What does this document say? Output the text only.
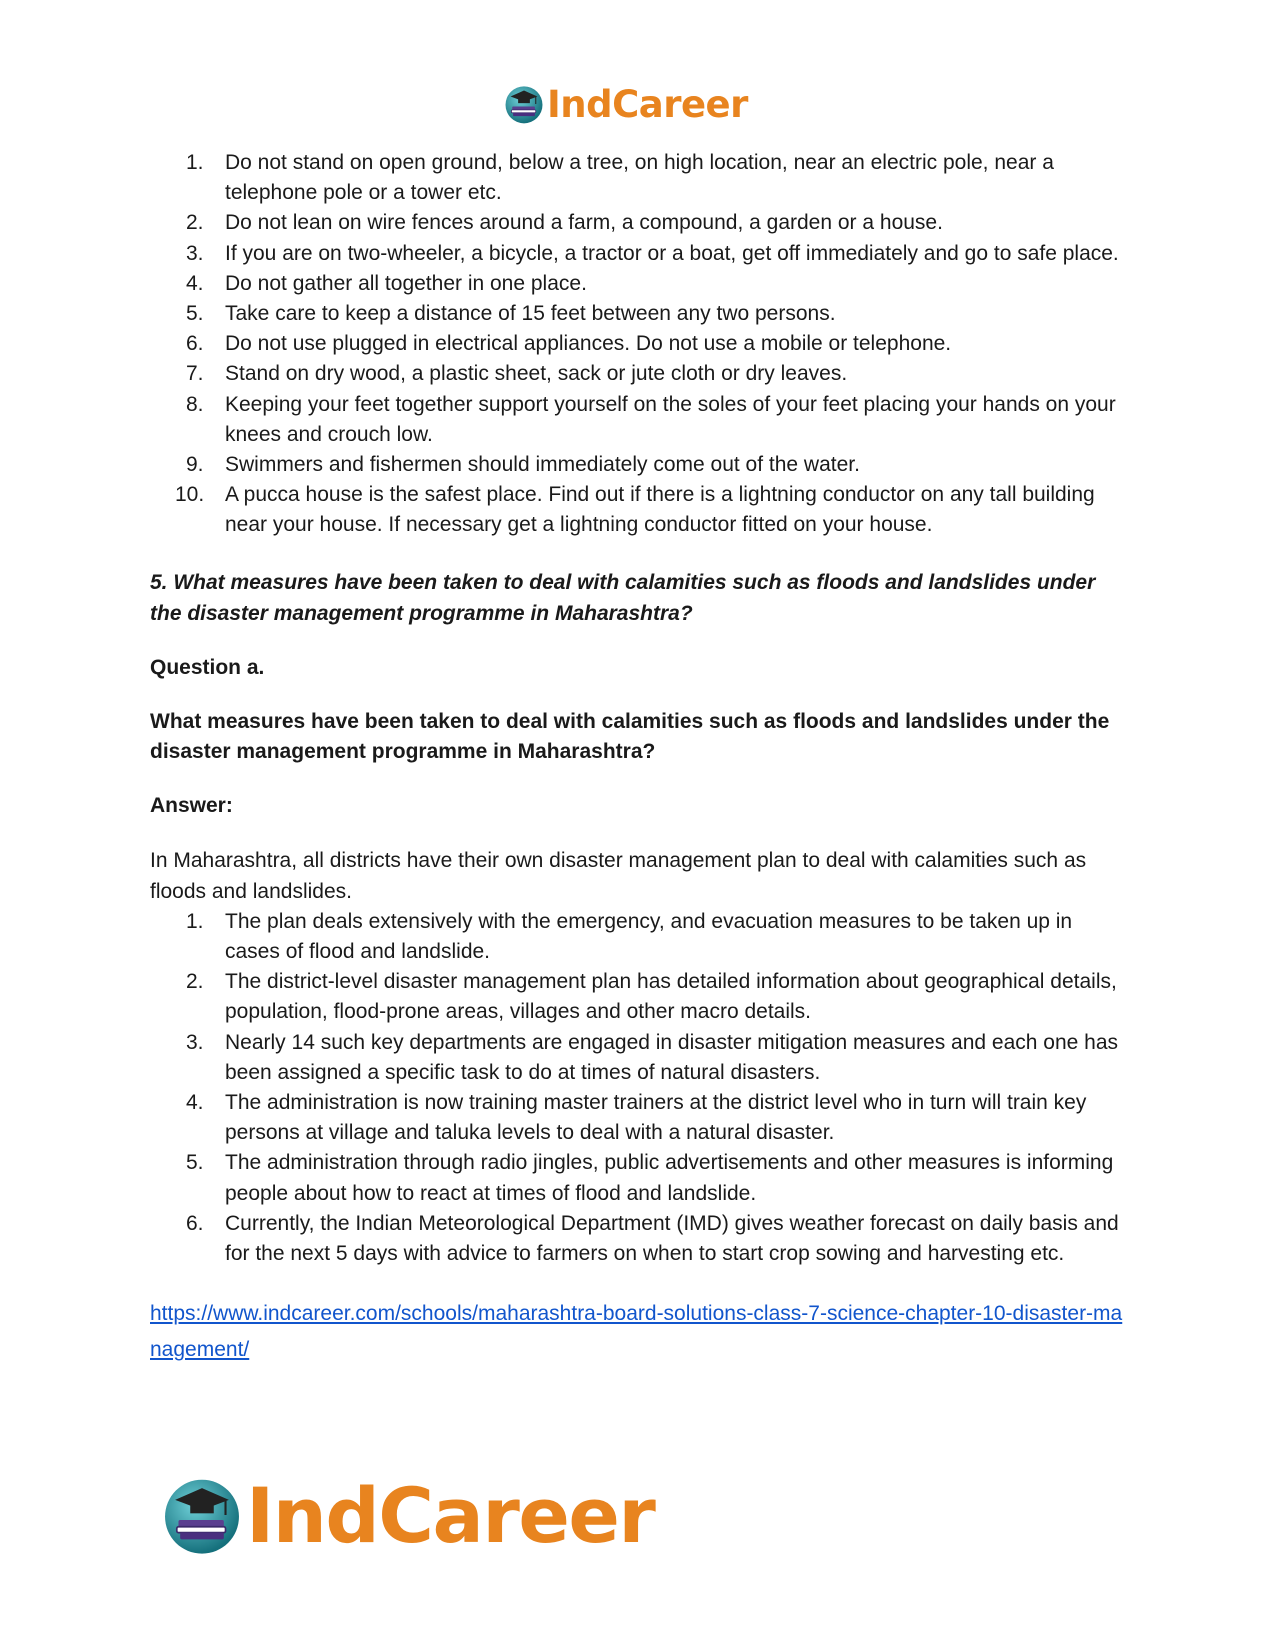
IndCareer
1. Do not stand on open ground, below a tree, on high location, near an electric pole, near a telephone pole or a tower etc.
2. Do not lean on wire fences around a farm, a compound, a garden or a house.
3. If you are on two-wheeler, a bicycle, a tractor or a boat, get off immediately and go to safe place.
4. Do not gather all together in one place.
5. Take care to keep a distance of 15 feet between any two persons.
6. Do not use plugged in electrical appliances. Do not use a mobile or telephone.
7. Stand on dry wood, a plastic sheet, sack or jute cloth or dry leaves.
8. Keeping your feet together support yourself on the soles of your feet placing your hands on your knees and crouch low.
9. Swimmers and fishermen should immediately come out of the water.
10. A pucca house is the safest place. Find out if there is a lightning conductor on any tall building near your house. If necessary get a lightning conductor fitted on your house.
5. What measures have been taken to deal with calamities such as floods and landslides under the disaster management programme in Maharashtra?
Question a.
What measures have been taken to deal with calamities such as floods and landslides under the disaster management programme in Maharashtra?
Answer:
In Maharashtra, all districts have their own disaster management plan to deal with calamities such as floods and landslides.
1. The plan deals extensively with the emergency, and evacuation measures to be taken up in cases of flood and landslide.
2. The district-level disaster management plan has detailed information about geographical details, population, flood-prone areas, villages and other macro details.
3. Nearly 14 such key departments are engaged in disaster mitigation measures and each one has been assigned a specific task to do at times of natural disasters.
4. The administration is now training master trainers at the district level who in turn will train key persons at village and taluka levels to deal with a natural disaster.
5. The administration through radio jingles, public advertisements and other measures is informing people about how to react at times of flood and landslide.
6. Currently, the Indian Meteorological Department (IMD) gives weather forecast on daily basis and for the next 5 days with advice to farmers on when to start crop sowing and harvesting etc.
https://www.indcareer.com/schools/maharashtra-board-solutions-class-7-science-chapter-10-disaster-management/
IndCareer
